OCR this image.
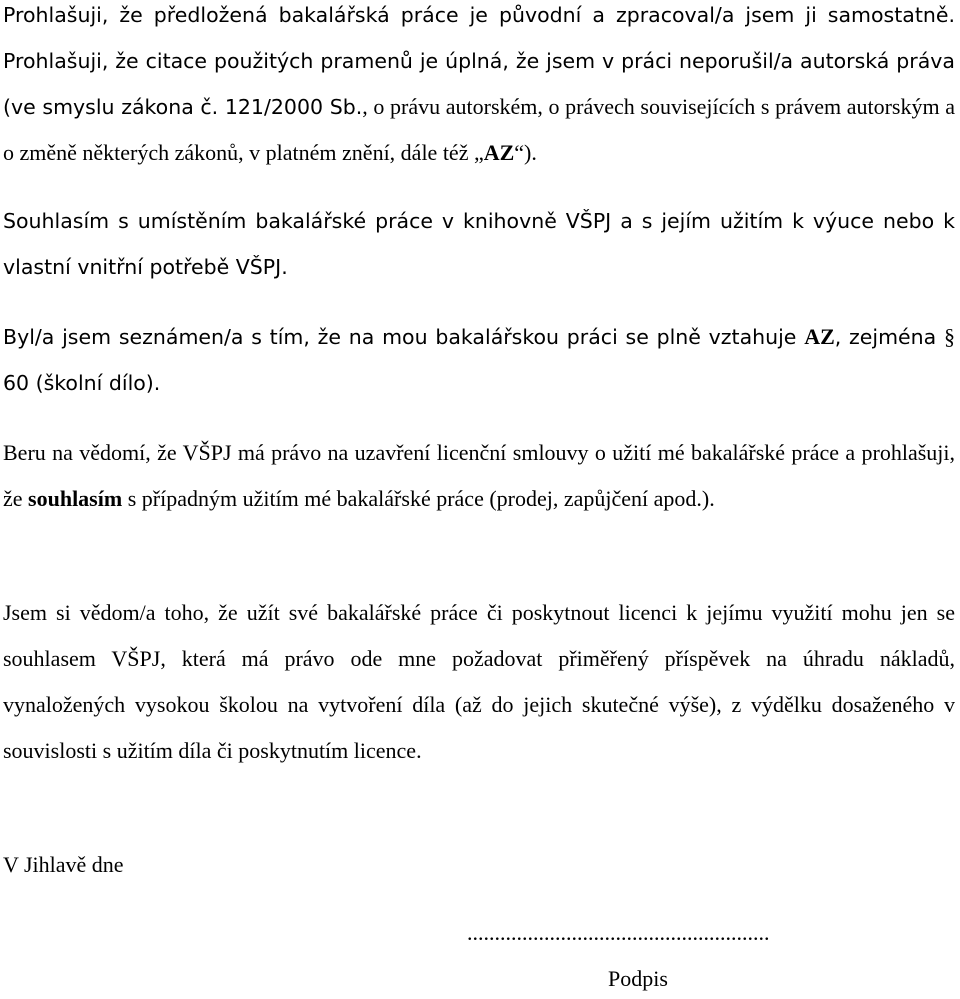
Prohlašuji, že předložená bakalářská práce je původní a zpracoval/a jsem ji samostatně. Prohlašuji, že citace použitých pramenů je úplná, že jsem v práci neporušil/a autorská práva (ve smyslu zákona č. 121/2000 Sb., o právu autorském, o právech souvisejících s právem autorským a o změně některých zákonů, v platném znění, dále též „AZ“).

Souhlasím s umístěním bakalářské práce v knihovně VŠPJ a s jejím užitím k výuce nebo k vlastní vnitřní potřebě VŠPJ.

Byl/a jsem seznámen/a s tím, že na mou bakalářskou práci se plně vztahuje AZ, zejména § 60 (školní dílo).

Beru na vědomí, že VŠPJ má právo na uzavření licenční smlouvy o užití mé bakalářské práce a prohlašuji, že souhlasím s případným užitím mé bakalářské práce (prodej, zapůjčení apod.).

Jsem si vědom/a toho, že užít své bakalářské práce či poskytnout licenci k jejímu využití mohu jen se souhlasem VŠPJ, která má právo ode mne požadovat přiměřený příspěvek na úhradu nákladů, vynaložených vysokou školou na vytvoření díla (až do jejich skutečné výše), z výdělku dosaženého v souvislosti s užitím díla či poskytnutím licence.

V Jihlavě dne

.......................................................
Podpis
